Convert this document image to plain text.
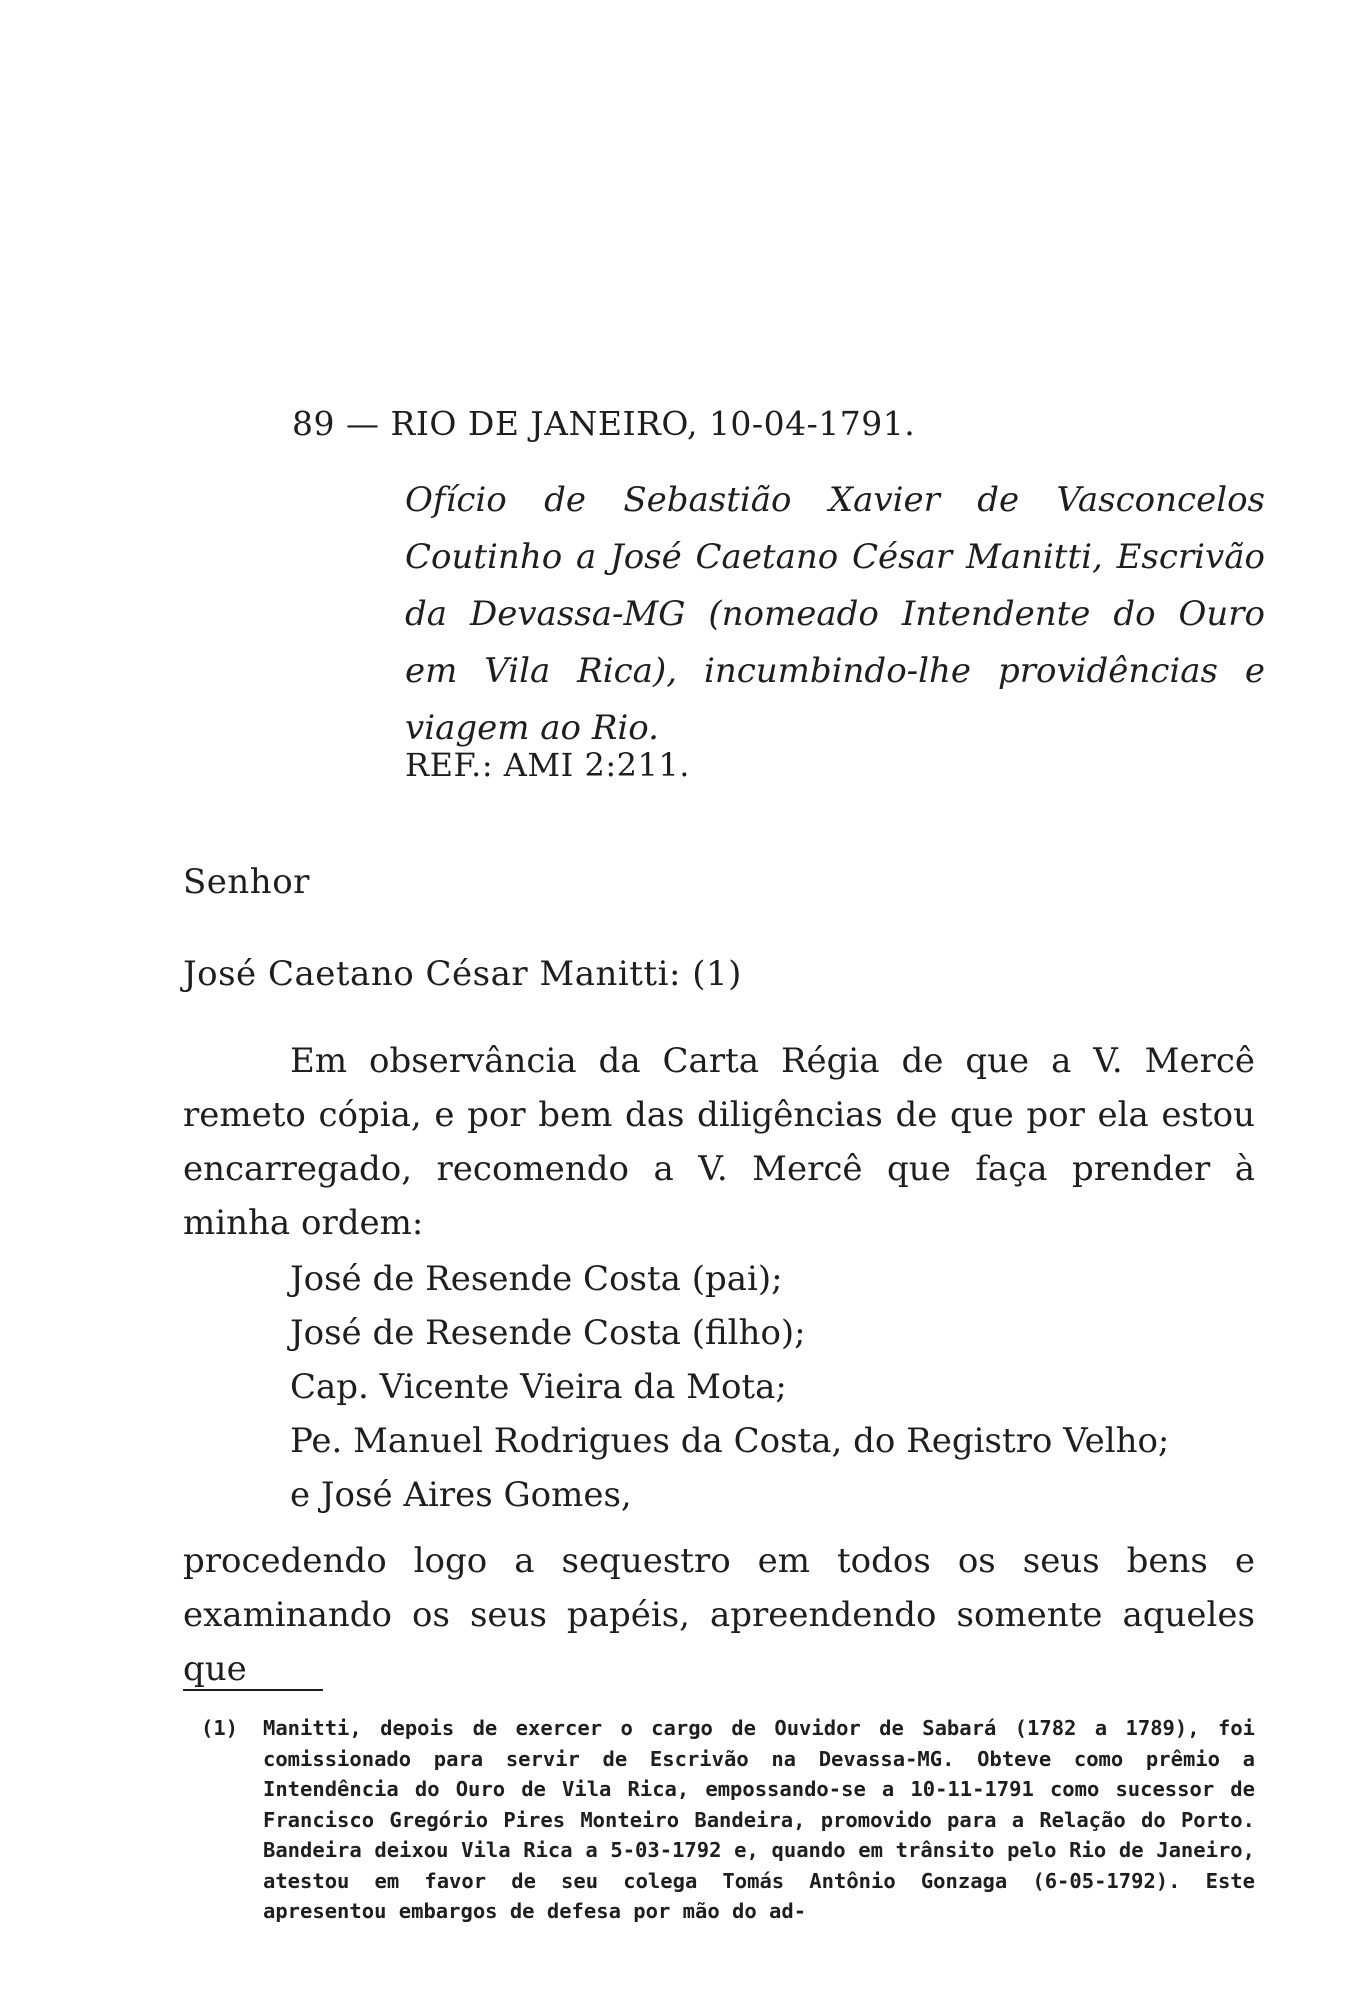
89 — RIO DE JANEIRO, 10-04-1791.

Ofício de Sebastião Xavier de Vasconcelos Coutinho a José Caetano César Manitti, Escrivão da Devassa-MG (nomeado Intendente do Ouro em Vila Rica), incumbindo-lhe providências e viagem ao Rio.

REF.: AMI 2:211.
Senhor
José Caetano César Manitti: (1)

Em observância da Carta Régia de que a V. Mercê remeto cópia, e por bem das diligências de que por ela estou encarregado, recomendo a V. Mercê que faça prender à minha ordem:

José de Resende Costa (pai);
José de Resende Costa (filho);
Cap. Vicente Vieira da Mota;
Pe. Manuel Rodrigues da Costa, do Registro Velho;
e José Aires Gomes,

procedendo logo a sequestro em todos os seus bens e examinando os seus papéis, apreendendo somente aqueles que

(1) Manitti, depois de exercer o cargo de Ouvidor de Sabará (1782 a 1789), foi comissionado para servir de Escrivão na Devassa-MG. Obteve como prêmio a Intendência do Ouro de Vila Rica, empossando-se a 10-11-1791 como sucessor de Francisco Gregório Pires Monteiro Bandeira, promovido para a Relação do Porto. Bandeira deixou Vila Rica a 5-03-1792 e, quando em trânsito pelo Rio de Janeiro, atestou em favor de seu colega Tomás Antônio Gonzaga (6-05-1792). Este apresentou embargos de defesa por mão do ad-
